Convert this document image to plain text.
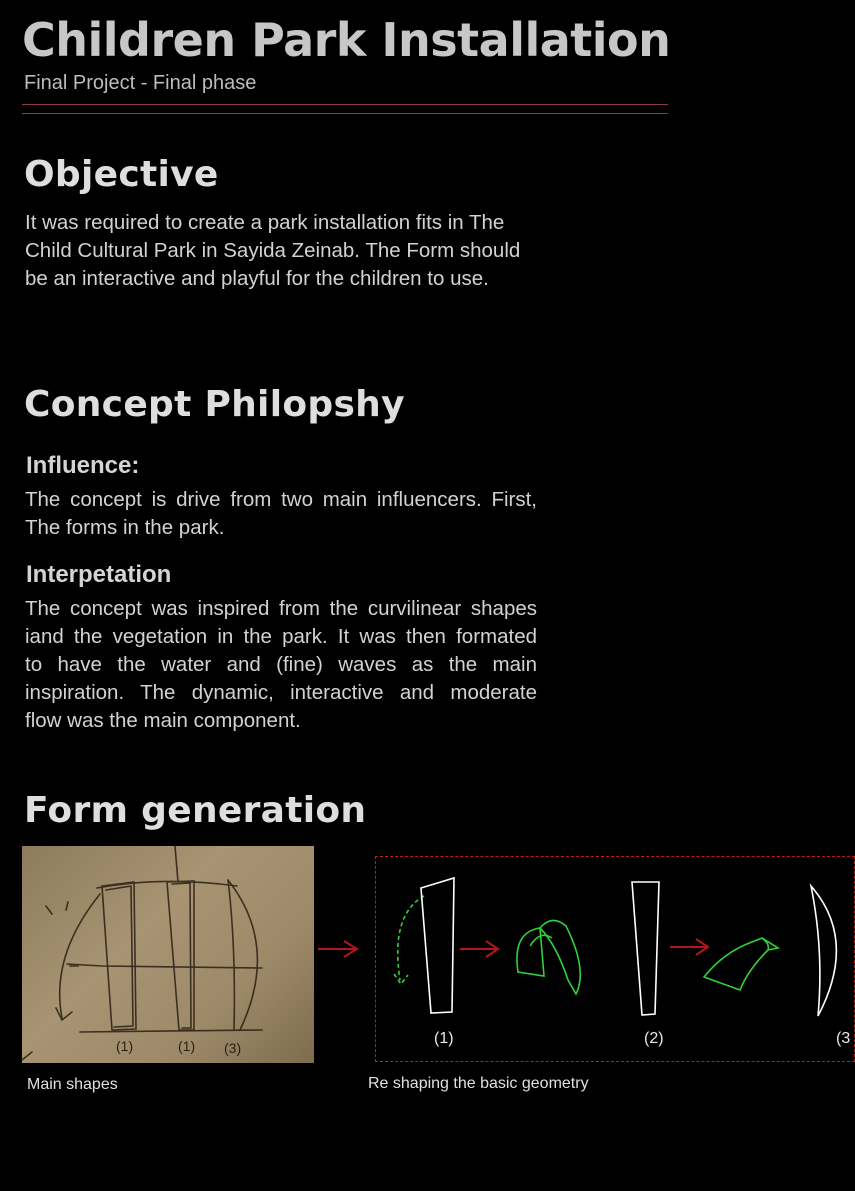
Children Park Installation
Final Project - Final phase
Objective
It was required to create a park installation fits in The
Child Cultural Park in Sayida Zeinab. The Form should
be an interactive and playful for the children to use.
Concept Philopshy
Influence:
The concept is drive from two main influencers. First,
The forms in the park.
Interpetation
The concept was inspired from the curvilinear shapes
iand the vegetation in the park. It was then formated
to have the water and (fine) waves as the main
inspiration. The dynamic, interactive and moderate
flow was the main component.
Form generation
(1)	(1) (3)
(1)	(2)	(3
Main shapes	Re shaping the basic geometry
